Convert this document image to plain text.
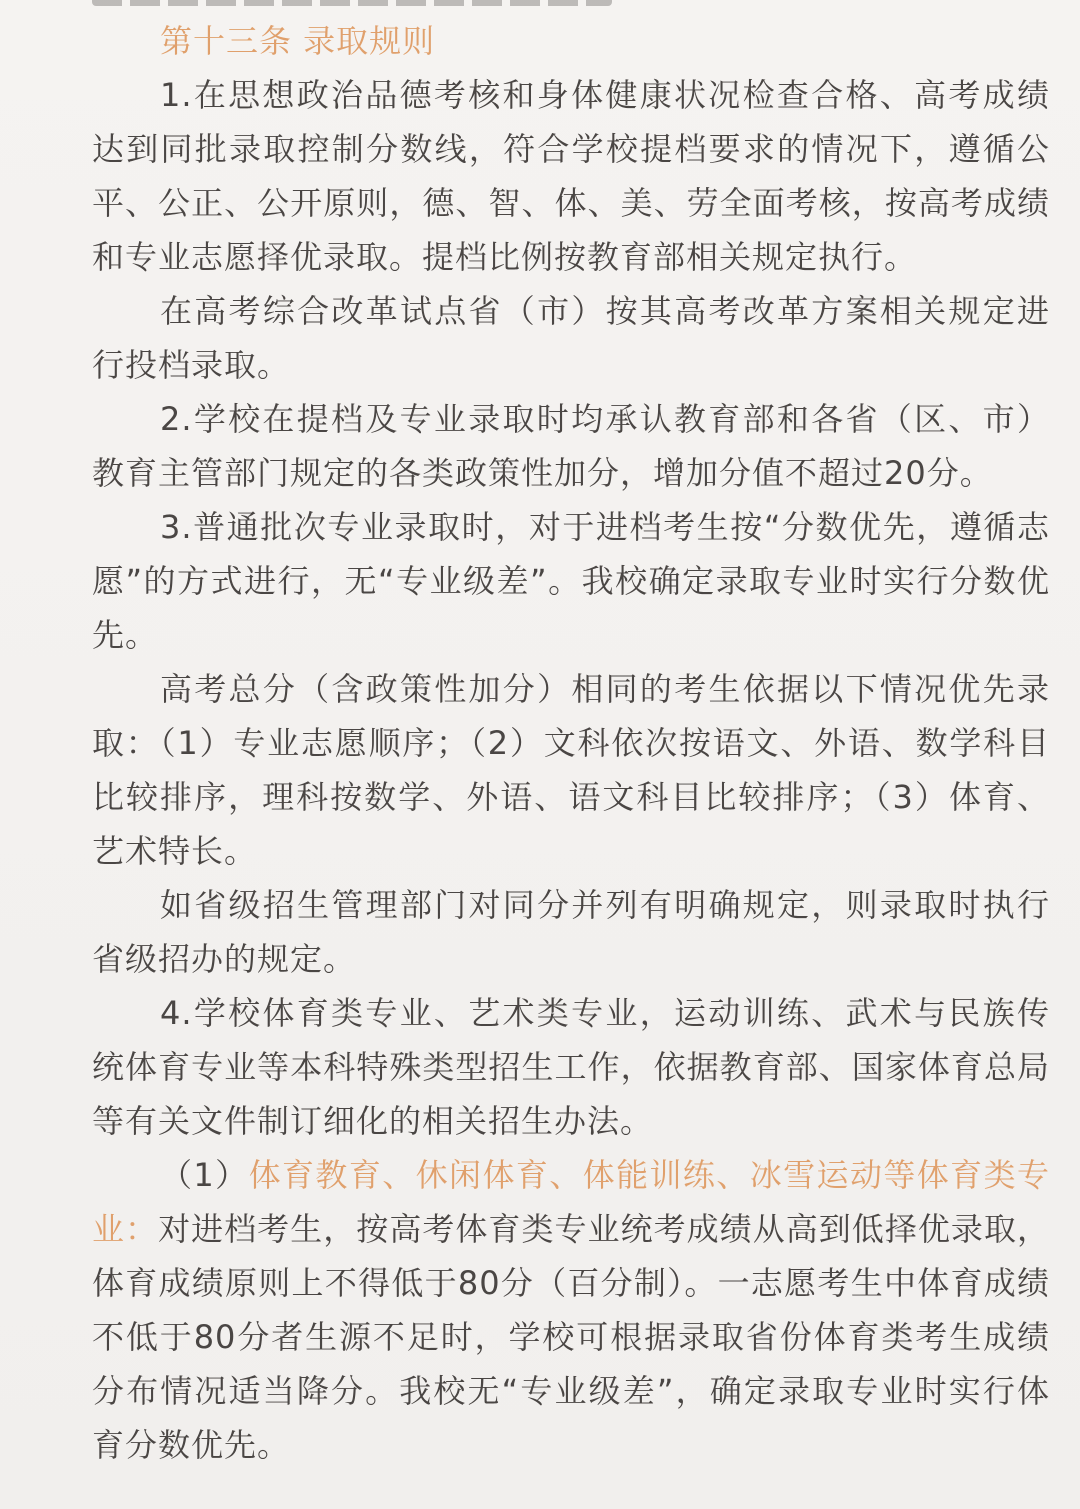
第十三条 录取规则

1.在思想政治品德考核和身体健康状况检查合格、高考成绩达到同批录取控制分数线，符合学校提档要求的情况下，遵循公平、公正、公开原则，德、智、体、美、劳全面考核，按高考成绩和专业志愿择优录取。提档比例按教育部相关规定执行。

在高考综合改革试点省（市）按其高考改革方案相关规定进行投档录取。

2.学校在提档及专业录取时均承认教育部和各省（区、市）教育主管部门规定的各类政策性加分，增加分值不超过20分。

3.普通批次专业录取时，对于进档考生按“分数优先，遵循志愿”的方式进行，无“专业级差”。我校确定录取专业时实行分数优先。

高考总分（含政策性加分）相同的考生依据以下情况优先录取：（1）专业志愿顺序；（2）文科依次按语文、外语、数学科目比较排序，理科按数学、外语、语文科目比较排序；（3）体育、艺术特长。

如省级招生管理部门对同分并列有明确规定，则录取时执行省级招办的规定。

4.学校体育类专业、艺术类专业，运动训练、武术与民族传统体育专业等本科特殊类型招生工作，依据教育部、国家体育总局等有关文件制订细化的相关招生办法。

（1）体育教育、休闲体育、体能训练、冰雪运动等体育类专业：对进档考生，按高考体育类专业统考成绩从高到低择优录取，体育成绩原则上不得低于80分（百分制）。一志愿考生中体育成绩不低于80分者生源不足时，学校可根据录取省份体育类考生成绩分布情况适当降分。我校无“专业级差”，确定录取专业时实行体育分数优先。
